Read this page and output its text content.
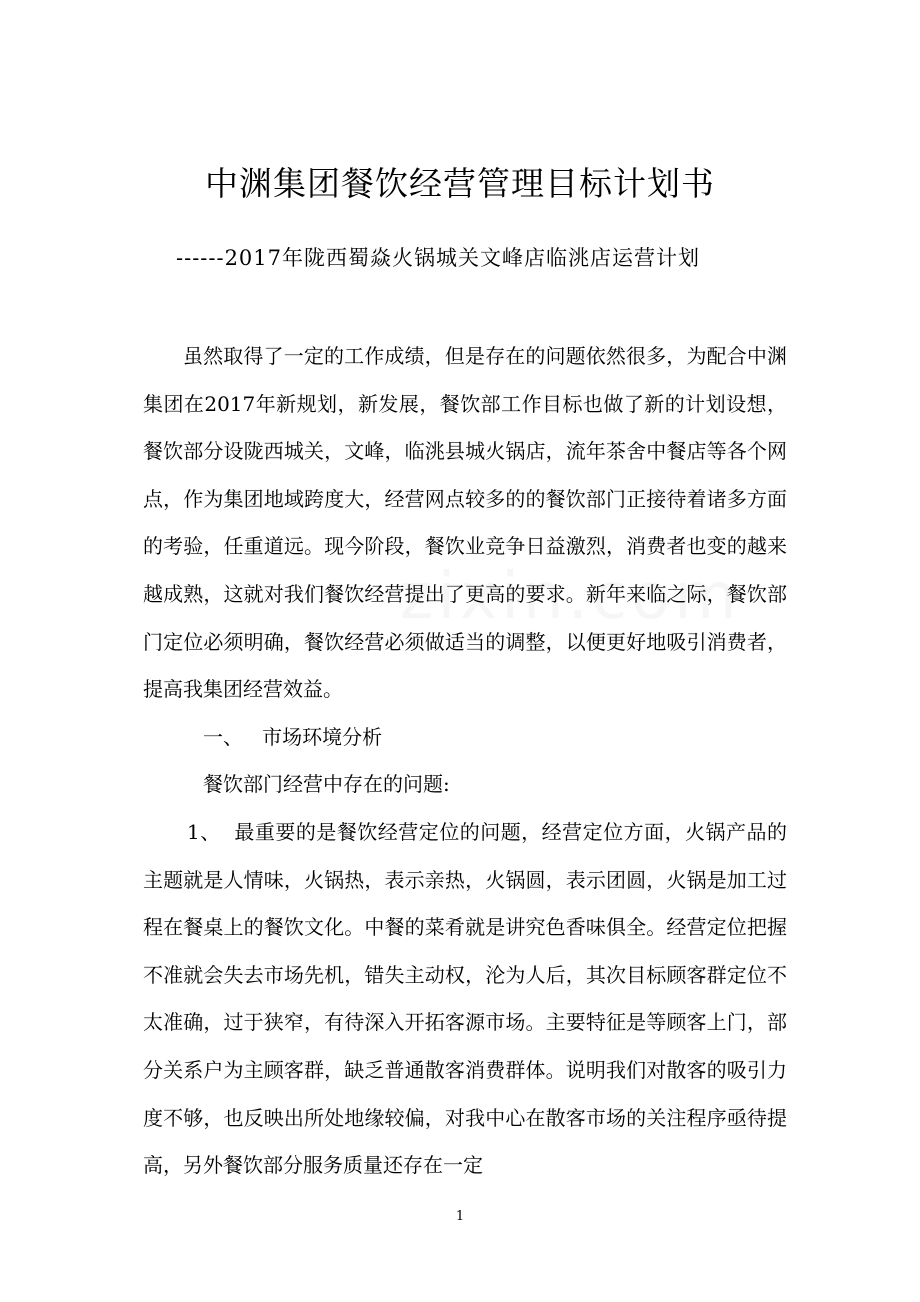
中渊集团餐饮经营管理目标计划书
------2017年陇西蜀焱火锅城关文峰店临洮店运营计划

虽然取得了一定的工作成绩，但是存在的问题依然很多，为配合中渊集团在2017年新规划，新发展，餐饮部工作目标也做了新的计划设想，餐饮部分设陇西城关，文峰，临洮县城火锅店，流年茶舍中餐店等各个网点，作为集团地域跨度大，经营网点较多的的餐饮部门正接待着诸多方面的考验，任重道远。现今阶段，餐饮业竞争日益激烈，消费者也变的越来越成熟，这就对我们餐饮经营提出了更高的要求。新年来临之际，餐饮部门定位必须明确，餐饮经营必须做适当的调整，以便更好地吸引消费者，提高我集团经营效益。

一、 市场环境分析

餐饮部门经营中存在的问题:

1、 最重要的是餐饮经营定位的问题，经营定位方面，火锅产品的主题就是人情味，火锅热，表示亲热，火锅圆，表示团圆，火锅是加工过程在餐桌上的餐饮文化。中餐的菜肴就是讲究色香味俱全。经营定位把握不准就会失去市场先机，错失主动权，沦为人后，其次目标顾客群定位不太准确，过于狭窄，有待深入开拓客源市场。主要特征是等顾客上门，部分关系户为主顾客群，缺乏普通散客消费群体。说明我们对散客的吸引力度不够，也反映出所处地缘较偏，对我中心在散客市场的关注程序亟待提高，另外餐饮部分服务质量还存在一定

1
